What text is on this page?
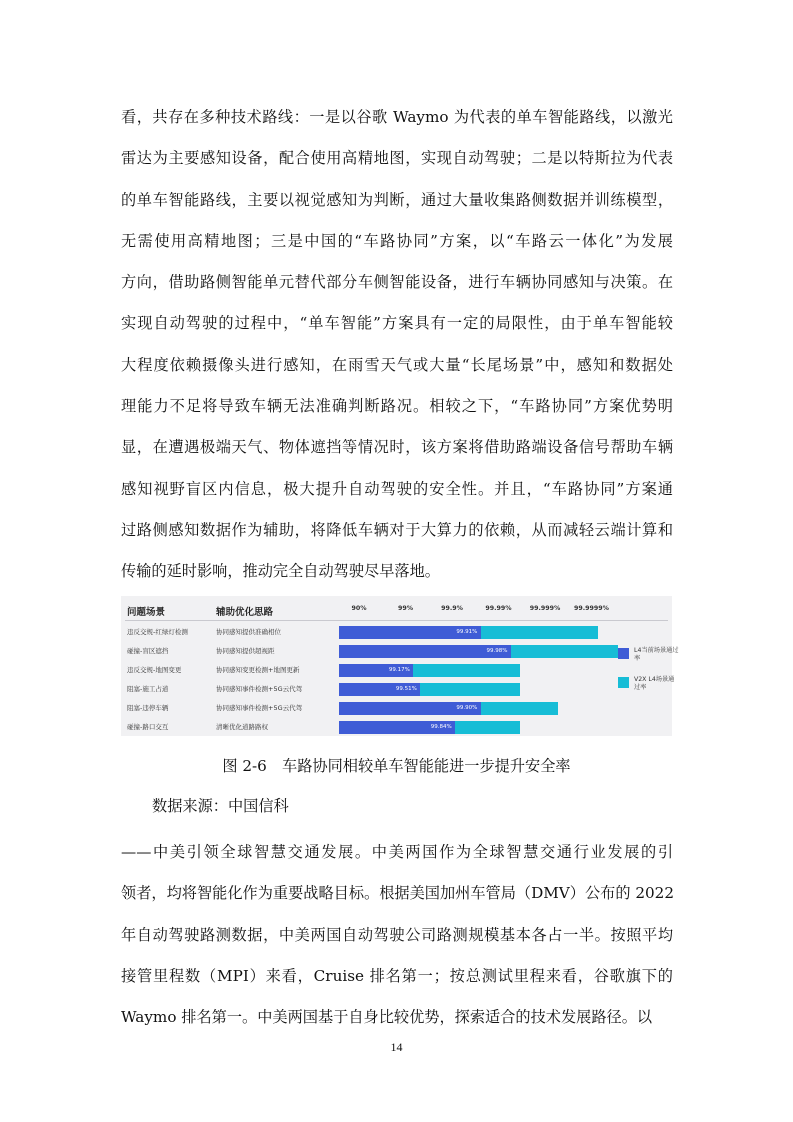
看，共存在多种技术路线：一是以谷歌 Waymo 为代表的单车智能路线，以激光
雷达为主要感知设备，配合使用高精地图，实现自动驾驶；二是以特斯拉为代表
的单车智能路线，主要以视觉感知为判断，通过大量收集路侧数据并训练模型，
无需使用高精地图；三是中国的“车路协同”方案，以“车路云一体化”为发展
方向，借助路侧智能单元替代部分车侧智能设备，进行车辆协同感知与决策。在
实现自动驾驶的过程中，“单车智能”方案具有一定的局限性，由于单车智能较
大程度依赖摄像头进行感知，在雨雪天气或大量“长尾场景”中，感知和数据处
理能力不足将导致车辆无法准确判断路况。相较之下，“车路协同”方案优势明
显，在遭遇极端天气、物体遮挡等情况时，该方案将借助路端设备信号帮助车辆
感知视野盲区内信息，极大提升自动驾驶的安全性。并且，“车路协同”方案通
过路侧感知数据作为辅助，将降低车辆对于大算力的依赖，从而减轻云端计算和
传输的延时影响，推动完全自动驾驶尽早落地。
问题场景	辅助优化思路	90%	99%	99.9%	99.99%	99.999% 99.9999%
违反交规-红绿灯检测	协同感知提供准确相位	99.91%
碰撞-盲区遮挡	协同感知提供超视距	99.98%
违反交规-地图变更	协同感知变更检测+地图更新	99.17%
阻塞-施工占道	协同感知事件检测+5G云代驾	99.51%
阻塞-违停车辆	协同感知事件检测+5G云代驾	99.90%
碰撞-路口交互	清晰优化道路路权	99.84%
L4当前场景通过率
V2X L4场景通过率
图 2-6　车路协同相较单车智能能进一步提升安全率
数据来源：中国信科
——中美引领全球智慧交通发展。中美两国作为全球智慧交通行业发展的引
领者，均将智能化作为重要战略目标。根据美国加州车管局（DMV）公布的 2022
年自动驾驶路测数据，中美两国自动驾驶公司路测规模基本各占一半。按照平均
接管里程数（MPI）来看，Cruise 排名第一；按总测试里程来看，谷歌旗下的
Waymo 排名第一。中美两国基于自身比较优势，探索适合的技术发展路径。以
14
